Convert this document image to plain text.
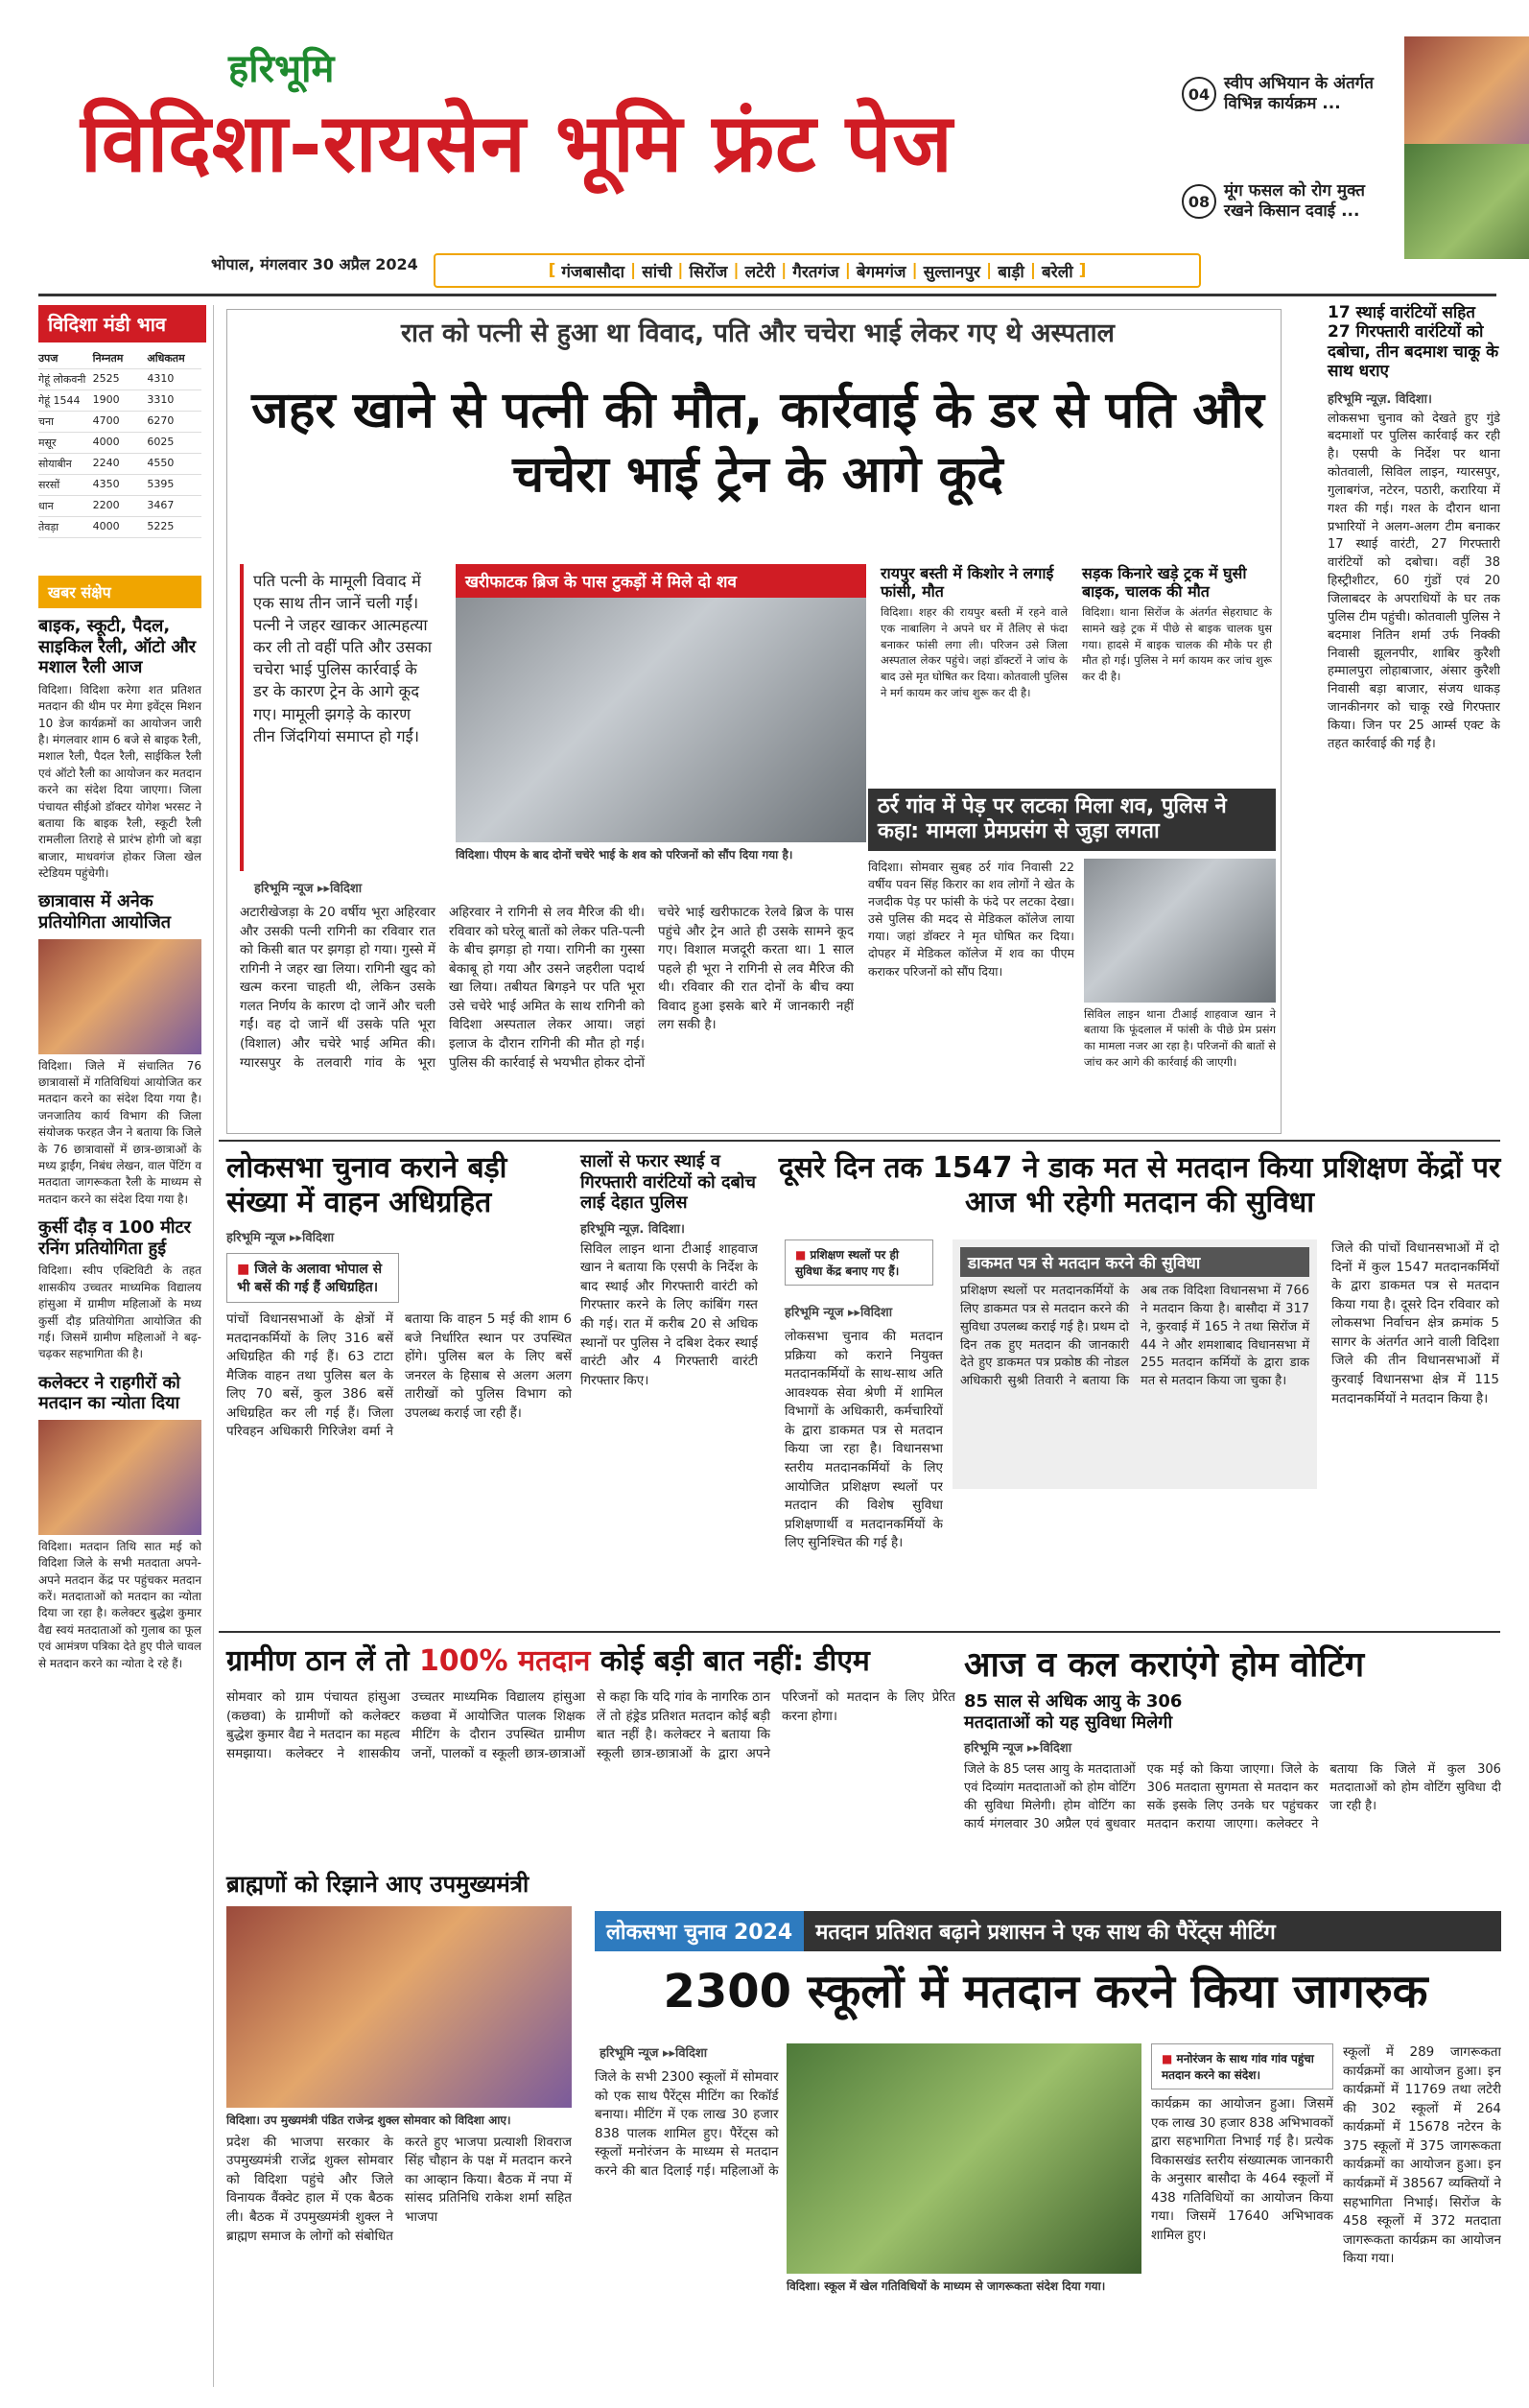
हरिभूमि
विदिशा-रायसेन भूमि फ्रंट पेज
भोपाल, मंगलवार 30 अप्रैल 2024	[ गंजबासौदा | सांची | सिरोंज | लटेरी | गैरतगंज | बेगमगंज | सुल्तानपुर | बाड़ी | बरेली ]
04
स्वीप अभियान के अंतर्गत विभिन्न कार्यक्रम ...
08
मूंग फसल को रोग मुक्त रखने किसान दवाई ...
विदिशा मंडी भाव
उपज	निम्नतम	अधिकतम
गेहूं लोकवनी 2525	4310
गेहूं 1544	1900	3310
चना	4700	6270
मसूर	4000	6025
सोयाबीन	2240	4550
सरसों	4350	5395
धान	2200	3467
तेवड़ा	4000	5225
खबर संक्षेप
बाइक, स्कूटी, पैदल, साइकिल रैली, ऑटो और मशाल रैली आज
विदिशा। विदिशा करेगा शत प्रतिशत मतदान की थीम पर मेगा इवेंट्स मिशन 10 डेज कार्यक्रमों का आयोजन जारी है। मंगलवार शाम 6 बजे से बाइक रैली, मशाल रैली, पैदल रैली, साईकिल रैली एवं ऑटो रैली का आयोजन कर मतदान करने का संदेश दिया जाएगा। जिला पंचायत सीईओ डॉक्टर योगेश भरसट ने बताया कि बाइक रैली, स्कूटी रैली रामलीला तिराहे से प्रारंभ होगी जो बड़ा बाजार, माधवगंज होकर जिला खेल स्टेडियम पहुंचेगी।
छात्रावास में अनेक प्रतियोगिता आयोजित
विदिशा। जिले में संचालित 76 छात्रावासों में गतिविधियां आयोजित कर मतदान करने का संदेश दिया गया है। जनजातिय कार्य विभाग की जिला संयोजक फरहत जैन ने बताया कि जिले के 76 छात्रावासों में छात्र-छात्राओं के मध्य ड्राईंग, निबंध लेखन, वाल पेंटिंग व मतदाता जागरूकता रैली के माध्यम से मतदान करने का संदेश दिया गया है।
कुर्सी दौड़ व 100 मीटर रनिंग प्रतियोगिता हुई
विदिशा। स्वीप एक्टिविटी के तहत शासकीय उच्चतर माध्यमिक विद्यालय हांसुआ में ग्रामीण महिलाओं के मध्य कुर्सी दौड़ प्रतियोगिता आयोजित की गई। जिसमें ग्रामीण महिलाओं ने बढ़-चढ़कर सहभागिता की है।
कलेक्टर ने राहगीरों को मतदान का न्योता दिया
विदिशा। मतदान तिथि सात मई को विदिशा जिले के सभी मतदाता अपने-अपने मतदान केंद्र पर पहुंचकर मतदान करें। मतदाताओं को मतदान का न्योता दिया जा रहा है। कलेक्टर बुद्धेश कुमार वैद्य स्वयं मतदाताओं को गुलाब का फूल एवं आमंत्रण पत्रिका देते हुए पीले चावल से मतदान करने का न्योता दे रहे हैं।
रात को पत्नी से हुआ था विवाद, पति और चचेरा भाई लेकर गए थे अस्पताल
जहर खाने से पत्नी की मौत, कार्रवाई के डर से पति और चचेरा भाई ट्रेन के आगे कूदे
पति पत्नी के मामूली विवाद में एक साथ तीन जानें चली गईं। पत्नी ने जहर खाकर आत्महत्या कर ली तो वहीं पति और उसका चचेरा भाई पुलिस कार्रवाई के डर के कारण ट्रेन के आगे कूद गए। मामूली झगड़े के कारण तीन जिंदगियां समाप्त हो गईं।
खरीफाटक ब्रिज के पास टुकड़ों में मिले दो शव
विदिशा। पीएम के बाद दोनों चचेरे भाई के शव को परिजनों को सौंप दिया गया है।
हरिभूमि न्यूज ▸▸विदिशा
अटारीखेजड़ा के 20 वर्षीय भूरा अहिरवार और उसकी पत्नी रागिनी का रविवार रात को किसी बात पर झगड़ा हो गया। गुस्से में रागिनी ने जहर खा लिया। रागिनी खुद को खत्म करना चाहती थी, लेकिन उसके गलत निर्णय के कारण दो जानें और चली गईं। वह दो जानें थीं उसके पति भूरा (विशाल) और चचेरे भाई अमित की। ग्यारसपुर के तलवारी गांव के भूरा अहिरवार ने रागिनी से लव मैरिज की थी। रविवार को घरेलू बातों को लेकर पति-पत्नी के बीच झगड़ा हो गया। रागिनी का गुस्सा बेकाबू हो गया और उसने जहरीला पदार्थ खा लिया। तबीयत बिगड़ने पर पति भूरा उसे चचेरे भाई अमित के साथ रागिनी को विदिशा अस्पताल लेकर आया। जहां इलाज के दौरान रागिनी की मौत हो गई। पुलिस की कार्रवाई से भयभीत होकर दोनों चचेरे भाई खरीफाटक रेलवे ब्रिज के पास पहुंचे और ट्रेन आते ही उसके सामने कूद गए। विशाल मजदूरी करता था। 1 साल पहले ही भूरा ने रागिनी से लव मैरिज की थी। रविवार की रात दोनों के बीच क्या विवाद हुआ इसके बारे में जानकारी नहीं लग सकी है।
रायपुर बस्ती में किशोर ने लगाई फांसी, मौत
विदिशा। शहर की रायपुर बस्ती में रहने वाले एक नाबालिग ने अपने घर में तैलिए से फंदा बनाकर फांसी लगा ली। परिजन उसे जिला अस्पताल लेकर पहुंचे। जहां डॉक्टरों ने जांच के बाद उसे मृत घोषित कर दिया। कोतवाली पुलिस ने मर्ग कायम कर जांच शुरू कर दी है।
सड़क किनारे खड़े ट्रक में घुसी बाइक, चालक की मौत
विदिशा। थाना सिरोंज के अंतर्गत सेहराघाट के सामने खड़े ट्रक में पीछे से बाइक चालक घुस गया। हादसे में बाइक चालक की मौके पर ही मौत हो गई। पुलिस ने मर्ग कायम कर जांच शुरू कर दी है।
ठर्र गांव में पेड़ पर लटका मिला शव, पुलिस ने कहा: मामला प्रेमप्रसंग से जुड़ा लगता
विदिशा। सोमवार सुबह ठर्र गांव निवासी 22 वर्षीय पवन सिंह किरार का शव लोगों ने खेत के नजदीक पेड़ पर फांसी के फंदे पर लटका देखा। उसे पुलिस की मदद से मेडिकल कॉलेज लाया गया। जहां डॉक्टर ने मृत घोषित कर दिया। दोपहर में मेडिकल कॉलेज में शव का पीएम कराकर परिजनों को सौंप दिया।
सिविल लाइन थाना टीआई शाहवाज खान ने बताया कि फूंदलाल में फांसी के पीछे प्रेम प्रसंग का मामला नजर आ रहा है। परिजनों की बातों से जांच कर आगे की कार्रवाई की जाएगी।
17 स्थाई वारंटियों सहित 27 गिरफ्तारी वारंटियों को दबोचा, तीन बदमाश चाकू के साथ धराए
हरिभूमि न्यूज़. विदिशा।
लोकसभा चुनाव को देखते हुए गुंडे बदमाशों पर पुलिस कार्रवाई कर रही है। एसपी के निर्देश पर थाना कोतवाली, सिविल लाइन, ग्यारसपुर, गुलाबगंज, नटेरन, पठारी, करारिया में गश्त की गई। गश्त के दौरान थाना प्रभारियों ने अलग-अलग टीम बनाकर 17 स्थाई वारंटी, 27 गिरफ्तारी वारंटियों को दबोचा। वहीं 38 हिस्ट्रीशीटर, 60 गुंडों एवं 20 जिलाबदर के अपराधियों के घर तक पुलिस टीम पहुंची। कोतवाली पुलिस ने बदमाश नितिन शर्मा उर्फ निक्की निवासी झूलनपीर, शाबिर कुरैशी हम्मालपुरा लोहाबाजार, अंसार कुरैशी निवासी बड़ा बाजार, संजय धाकड़ जानकीनगर को चाकू रखे गिरफ्तार किया। जिन पर 25 आर्म्स एक्ट के तहत कार्रवाई की गई है।
लोकसभा चुनाव कराने बड़ी संख्या में वाहन अधिग्रहित
हरिभूमि न्यूज ▸▸विदिशा
■ जिले के अलावा भोपाल से भी बसें की गई हैं अधिग्रहित।
पांचों विधानसभाओं के क्षेत्रों में मतदानकर्मियों के लिए 316 बसें अधिग्रहित की गई हैं। 63 टाटा मैजिक वाहन तथा पुलिस बल के लिए 70 बसें, कुल 386 बसें अधिग्रहित कर ली गई हैं। जिला परिवहन अधिकारी गिरिजेश वर्मा ने बताया कि वाहन 5 मई की शाम 6 बजे निर्धारित स्थान पर उपस्थित होंगे। पुलिस बल के लिए बसें जनरल के हिसाब से अलग अलग तारीखों को पुलिस विभाग को उपलब्ध कराई जा रही हैं।
सालों से फरार स्थाई व गिरफ्तारी वारंटियों को दबोच लाई देहात पुलिस
हरिभूमि न्यूज़. विदिशा।
सिविल लाइन थाना टीआई शाहवाज खान ने बताया कि एसपी के निर्देश के बाद स्थाई और गिरफ्तारी वारंटी को गिरफ्तार करने के लिए कांबिंग गस्त की गई। रात में करीब 20 से अधिक स्थानों पर पुलिस ने दबिश देकर स्थाई वारंटी और 4 गिरफ्तारी वारंटी गिरफ्तार किए।
दूसरे दिन तक 1547 ने डाक मत से मतदान किया प्रशिक्षण केंद्रों पर आज भी रहेगी मतदान की सुविधा
■ प्रशिक्षण स्थलों पर ही सुविधा केंद्र बनाए गए हैं।
हरिभूमि न्यूज ▸▸विदिशा
लोकसभा चुनाव की मतदान प्रक्रिया को कराने नियुक्त मतदानकर्मियों के साथ-साथ अति आवश्यक सेवा श्रेणी में शामिल विभागों के अधिकारी, कर्मचारियों के द्वारा डाकमत पत्र से मतदान किया जा रहा है। विधानसभा स्तरीय मतदानकर्मियों के लिए आयोजित प्रशिक्षण स्थलों पर मतदान की विशेष सुविधा प्रशिक्षणार्थी व मतदानकर्मियों के लिए सुनिश्चित की गई है।
डाकमत पत्र से मतदान करने की सुविधा
प्रशिक्षण स्थलों पर मतदानकर्मियों के लिए डाकमत पत्र से मतदान करने की सुविधा उपलब्ध कराई गई है। प्रथम दो दिन तक हुए मतदान की जानकारी देते हुए डाकमत पत्र प्रकोष्ठ की नोडल अधिकारी सुश्री तिवारी ने बताया कि अब तक विदिशा विधानसभा में 766 ने मतदान किया है। बासौदा में 317 ने, कुरवाई में 165 ने तथा सिरोंज में 44 ने और शमशाबाद विधानसभा में 255 मतदान कर्मियों के द्वारा डाक मत से मतदान किया जा चुका है।
जिले की पांचों विधानसभाओं में दो दिनों में कुल 1547 मतदानकर्मियों के द्वारा डाकमत पत्र से मतदान किया गया है। दूसरे दिन रविवार को लोकसभा निर्वाचन क्षेत्र क्रमांक 5 सागर के अंतर्गत आने वाली विदिशा जिले की तीन विधानसभाओं में कुरवाई विधानसभा क्षेत्र में 115 मतदानकर्मियों ने मतदान किया है।
ग्रामीण ठान लें तो 100% मतदान कोई बड़ी बात नहीं: डीएम
सोमवार को ग्राम पंचायत हांसुआ (कछवा) के ग्रामीणों को कलेक्टर बुद्धेश कुमार वैद्य ने मतदान का महत्व समझाया। कलेक्टर ने शासकीय उच्चतर माध्यमिक विद्यालय हांसुआ कछवा में आयोजित पालक शिक्षक मीटिंग के दौरान उपस्थित ग्रामीण जनों, पालकों व स्कूली छात्र-छात्राओं से कहा कि यदि गांव के नागरिक ठान लें तो हंड्रेड प्रतिशत मतदान कोई बड़ी बात नहीं है। कलेक्टर ने बताया कि स्कूली छात्र-छात्राओं के द्वारा अपने परिजनों को मतदान के लिए प्रेरित करना होगा।
आज व कल कराएंगे होम वोटिंग
85 साल से अधिक आयु के 306 मतदाताओं को यह सुविधा मिलेगी
हरिभूमि न्यूज ▸▸विदिशा
जिले के 85 प्लस आयु के मतदाताओं एवं दिव्यांग मतदाताओं को होम वोटिंग की सुविधा मिलेगी। होम वोटिंग का कार्य मंगलवार 30 अप्रैल एवं बुधवार एक मई को किया जाएगा। जिले के 306 मतदाता सुगमता से मतदान कर सकें इसके लिए उनके घर पहुंचकर मतदान कराया जाएगा। कलेक्टर ने बताया कि जिले में कुल 306 मतदाताओं को होम वोटिंग सुविधा दी जा रही है।
ब्राह्मणों को रिझाने आए उपमुख्यमंत्री
विदिशा। उप मुख्यमंत्री पंडित राजेन्द्र शुक्ल सोमवार को विदिशा आए।
प्रदेश की भाजपा सरकार के उपमुख्यमंत्री राजेंद्र शुक्ल सोमवार को विदिशा पहुंचे और जिले विनायक वैंक्वेट हाल में एक बैठक ली। बैठक में उपमुख्यमंत्री शुक्ल ने ब्राह्मण समाज के लोगों को संबोधित करते हुए भाजपा प्रत्याशी शिवराज सिंह चौहान के पक्ष में मतदान करने का आव्हान किया। बैठक में नपा में सांसद प्रतिनिधि राकेश शर्मा सहित भाजपा
लोकसभा चुनाव 2024	मतदान प्रतिशत बढ़ाने प्रशासन ने एक साथ की पैरेंट्स मीटिंग
2300 स्कूलों में मतदान करने किया जागरुक
हरिभूमि न्यूज ▸▸विदिशा
जिले के सभी 2300 स्कूलों में सोमवार को एक साथ पैरेंट्स मीटिंग का रिकॉर्ड बनाया। मीटिंग में एक लाख 30 हजार 838 पालक शामिल हुए। पैरेंट्स को स्कूलों मनोरंजन के माध्यम से मतदान करने की बात दिलाई गई। महिलाओं के
विदिशा। स्कूल में खेल गतिविधियों के माध्यम से जागरूकता संदेश दिया गया।
■ मनोरंजन के साथ गांव गांव पहुंचा मतदान करने का संदेश।
कार्यक्रम का आयोजन हुआ। जिसमें एक लाख 30 हजार 838 अभिभावकों द्वारा सहभागिता निभाई गई है। प्रत्येक विकासखंड स्तरीय संख्यात्मक जानकारी के अनुसार बासौदा के 464 स्कूलों में 438 गतिविधियों का आयोजन किया गया। जिसमें 17640 अभिभावक शामिल हुए।
स्कूलों में 289 जागरूकता कार्यक्रमों का आयोजन हुआ। इन कार्यक्रमों में 11769 तथा लटेरी की 302 स्कूलों में 264 कार्यक्रमों में 15678 नटेरन के 375 स्कूलों में 375 जागरूकता कार्यक्रमों का आयोजन हुआ। इन कार्यक्रमों में 38567 व्यक्तियों ने सहभागिता निभाई। सिरोंज के 458 स्कूलों में 372 मतदाता जागरूकता कार्यक्रम का आयोजन किया गया।
